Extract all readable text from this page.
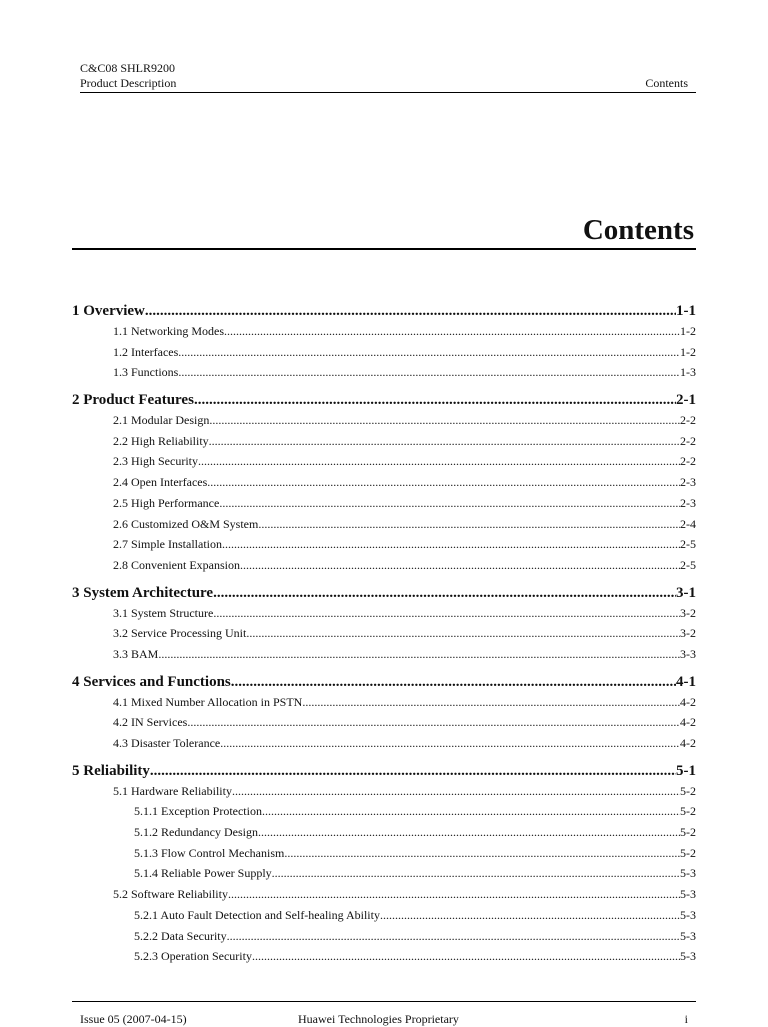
C&C08 SHLR9200
Product Description	Contents
Contents
1 Overview .....	1-1
1.1 Networking Modes .....	1-2
1.2 Interfaces .....	1-2
1.3 Functions .....	1-3
2 Product Features .....	2-1
2.1 Modular Design .....	2-2
2.2 High Reliability .....	2-2
2.3 High Security .....	2-2
2.4 Open Interfaces .....	2-3
2.5 High Performance .....	2-3
2.6 Customized O&M System .....	2-4
2.7 Simple Installation .....	2-5
2.8 Convenient Expansion .....	2-5
3 System Architecture .....	3-1
3.1 System Structure .....	3-2
3.2 Service Processing Unit .....	3-2
3.3 BAM .....	3-3
4 Services and Functions .....	4-1
4.1 Mixed Number Allocation in PSTN .....	4-2
4.2 IN Services .....	4-2
4.3 Disaster Tolerance .....	4-2
5 Reliability .....	5-1
5.1 Hardware Reliability .....	5-2
5.1.1 Exception Protection .....	5-2
5.1.2 Redundancy Design .....	5-2
5.1.3 Flow Control Mechanism .....	5-2
5.1.4 Reliable Power Supply .....	5-3
5.2 Software Reliability .....	5-3
5.2.1 Auto Fault Detection and Self-healing Ability .....	5-3
5.2.2 Data Security .....	5-3
5.2.3 Operation Security .....	5-3
Issue 05 (2007-04-15)	Huawei Technologies Proprietary	i
